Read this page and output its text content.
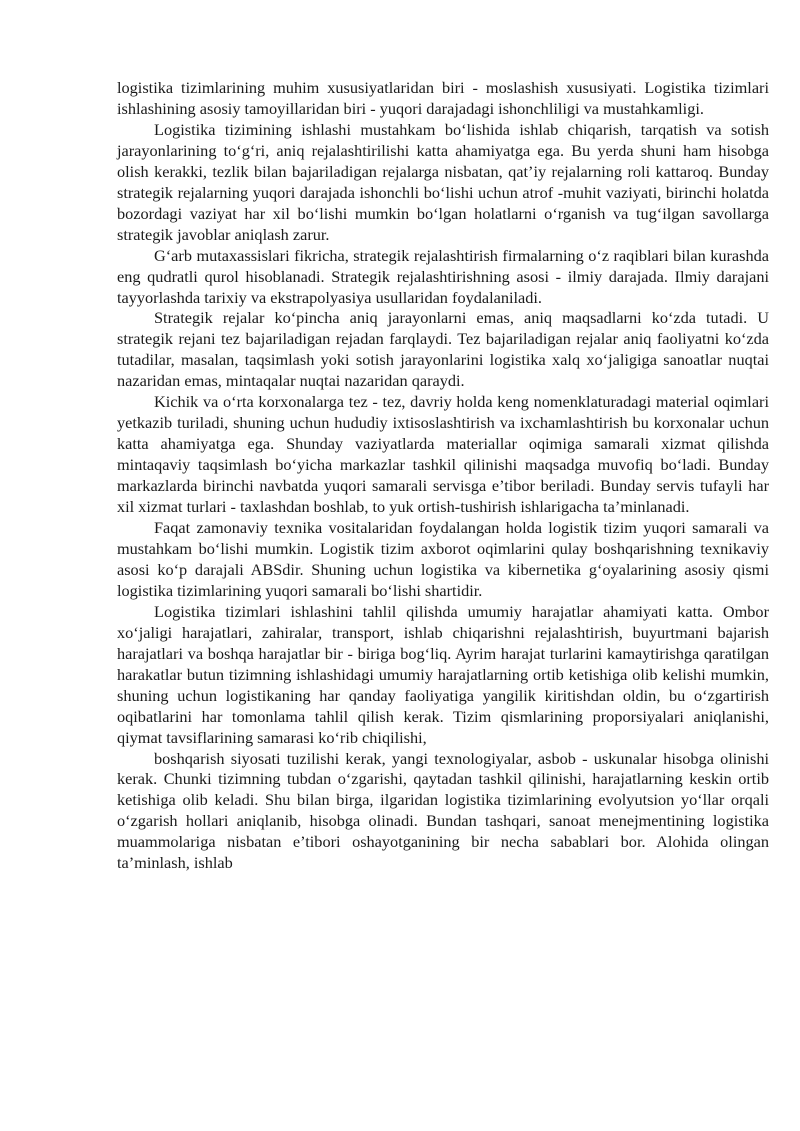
logistika tizimlarining muhim xususiyatlaridan biri - moslashish xususiyati. Logistika tizimlari ishlashining asosiy tamoyillaridan biri - yuqori darajadagi ishonchliligi va mustahkamligi.

Logistika tizimining ishlashi mustahkam bo‘lishida ishlab chiqarish, tarqatish va sotish jarayonlarining to‘g‘ri, aniq rejalashtirilishi katta ahamiyatga ega. Bu yerda shuni ham hisobga olish kerakki, tezlik bilan bajariladigan rejalarga nisbatan, qat’iy rejalarning roli kattaroq. Bunday strategik rejalarning yuqori darajada ishonchli bo‘lishi uchun atrof -muhit vaziyati, birinchi holatda bozordagi vaziyat har xil bo‘lishi mumkin bo‘lgan holatlarni o‘rganish va tug‘ilgan savollarga strategik javoblar aniqlash zarur.

G‘arb mutaxassislari fikricha, strategik rejalashtirish firmalarning o‘z raqiblari bilan kurashda eng qudratli qurol hisoblanadi. Strategik rejalashtirishning asosi - ilmiy darajada. Ilmiy darajani tayyorlashda tarixiy va ekstrapolyasiya usullaridan foydalaniladi.

Strategik rejalar ko‘pincha aniq jarayonlarni emas, aniq maqsadlarni ko‘zda tutadi. U strategik rejani tez bajariladigan rejadan farqlaydi. Tez bajariladigan rejalar aniq faoliyatni ko‘zda tutadilar, masalan, taqsimlash yoki sotish jarayonlarini logistika xalq xo‘jaligiga sanoatlar nuqtai nazaridan emas, mintaqalar nuqtai nazaridan qaraydi.

Kichik va o‘rta korxonalarga tez - tez, davriy holda keng nomenklaturadagi material oqimlari yetkazib turiladi, shuning uchun hududiy ixtisoslashtirish va ixchamlashtirish bu korxonalar uchun katta ahamiyatga ega. Shunday vaziyatlarda materiallar oqimiga samarali xizmat qilishda mintaqaviy taqsimlash bo‘yicha markazlar tashkil qilinishi maqsadga muvofiq bo‘ladi. Bunday markazlarda birinchi navbatda yuqori samarali servisga e’tibor beriladi. Bunday servis tufayli har xil xizmat turlari - taxlashdan boshlab, to yuk ortish-tushirish ishlarigacha ta’minlanadi.

Faqat zamonaviy texnika vositalaridan foydalangan holda logistik tizim yuqori samarali va mustahkam bo‘lishi mumkin. Logistik tizim axborot oqimlarini qulay boshqarishning texnikaviy asosi ko‘p darajali ABSdir. Shuning uchun logistika va kibernetika g‘oyalarining asosiy qismi logistika tizimlarining yuqori samarali bo‘lishi shartidir.

Logistika tizimlari ishlashini tahlil qilishda umumiy harajatlar ahamiyati katta. Ombor xo‘jaligi harajatlari, zahiralar, transport, ishlab chiqarishni rejalashtirish, buyurtmani bajarish harajatlari va boshqa harajatlar bir - biriga bog‘liq. Ayrim harajat turlarini kamaytirishga qaratilgan harakatlar butun tizimning ishlashidagi umumiy harajatlarning ortib ketishiga olib kelishi mumkin, shuning uchun logistikaning har qanday faoliyatiga yangilik kiritishdan oldin, bu o‘zgartirish oqibatlarini har tomonlama tahlil qilish kerak. Tizim qismlarining proporsiyalari aniqlanishi, qiymat tavsiflarining samarasi ko‘rib chiqilishi,

boshqarish siyosati tuzilishi kerak, yangi texnologiyalar, asbob - uskunalar hisobga olinishi kerak. Chunki tizimning tubdan o‘zgarishi, qaytadan tashkil qilinishi, harajatlarning keskin ortib ketishiga olib keladi. Shu bilan birga, ilgaridan logistika tizimlarining evolyutsion yo‘llar orqali o‘zgarish hollari aniqlanib, hisobga olinadi. Bundan tashqari, sanoat menejmentining logistika muammolariga nisbatan e’tibori oshayotganining bir necha sabablari bor. Alohida olingan ta’minlash, ishlab
